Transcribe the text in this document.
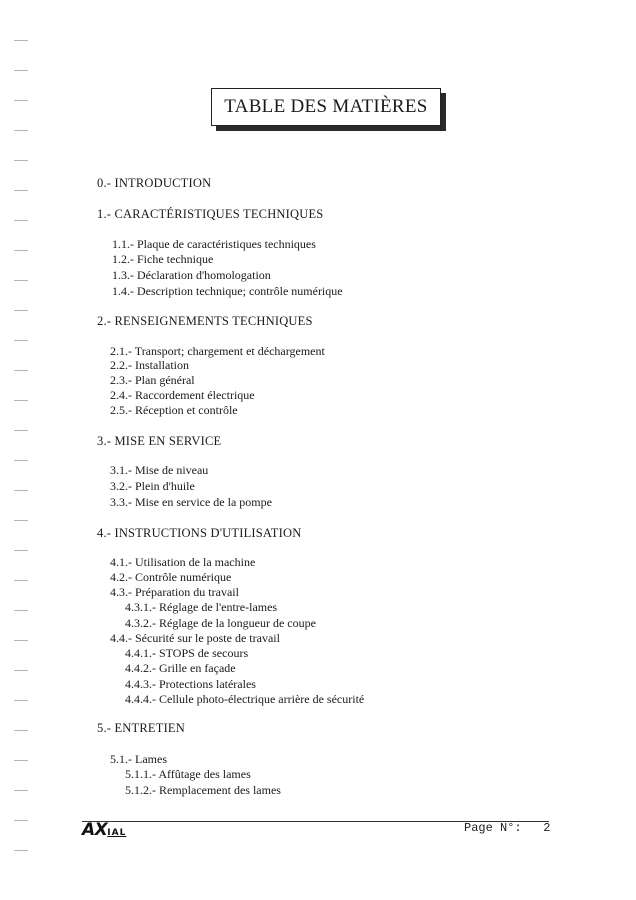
TABLE DES MATIÈRES
0.- INTRODUCTION
1.- CARACTÉRISTIQUES TECHNIQUES
1.1.- Plaque de caractéristiques techniques
1.2.- Fiche technique
1.3.- Déclaration d'homologation
1.4.- Description technique; contrôle numérique
2.- RENSEIGNEMENTS TECHNIQUES
2.1.- Transport; chargement et déchargement
2.2.- Installation
2.3.- Plan général
2.4.- Raccordement électrique
2.5.- Réception et contrôle
3.- MISE EN SERVICE
3.1.- Mise de niveau
3.2.- Plein d'huile
3.3.- Mise en service de la pompe
4.- INSTRUCTIONS D'UTILISATION
4.1.- Utilisation de la machine
4.2.- Contrôle numérique
4.3.- Préparation du travail
4.3.1.- Réglage de l'entre-lames
4.3.2.- Réglage de la longueur de coupe
4.4.- Sécurité sur le poste de travail
4.4.1.- STOPS de secours
4.4.2.- Grille en façade
4.4.3.- Protections latérales
4.4.4.- Cellule photo-électrique arrière de sécurité
5.- ENTRETIEN
5.1.- Lames
5.1.1.- Affûtage des lames
5.1.2.- Remplacement des lames
AXIAL	Page N°: 2
